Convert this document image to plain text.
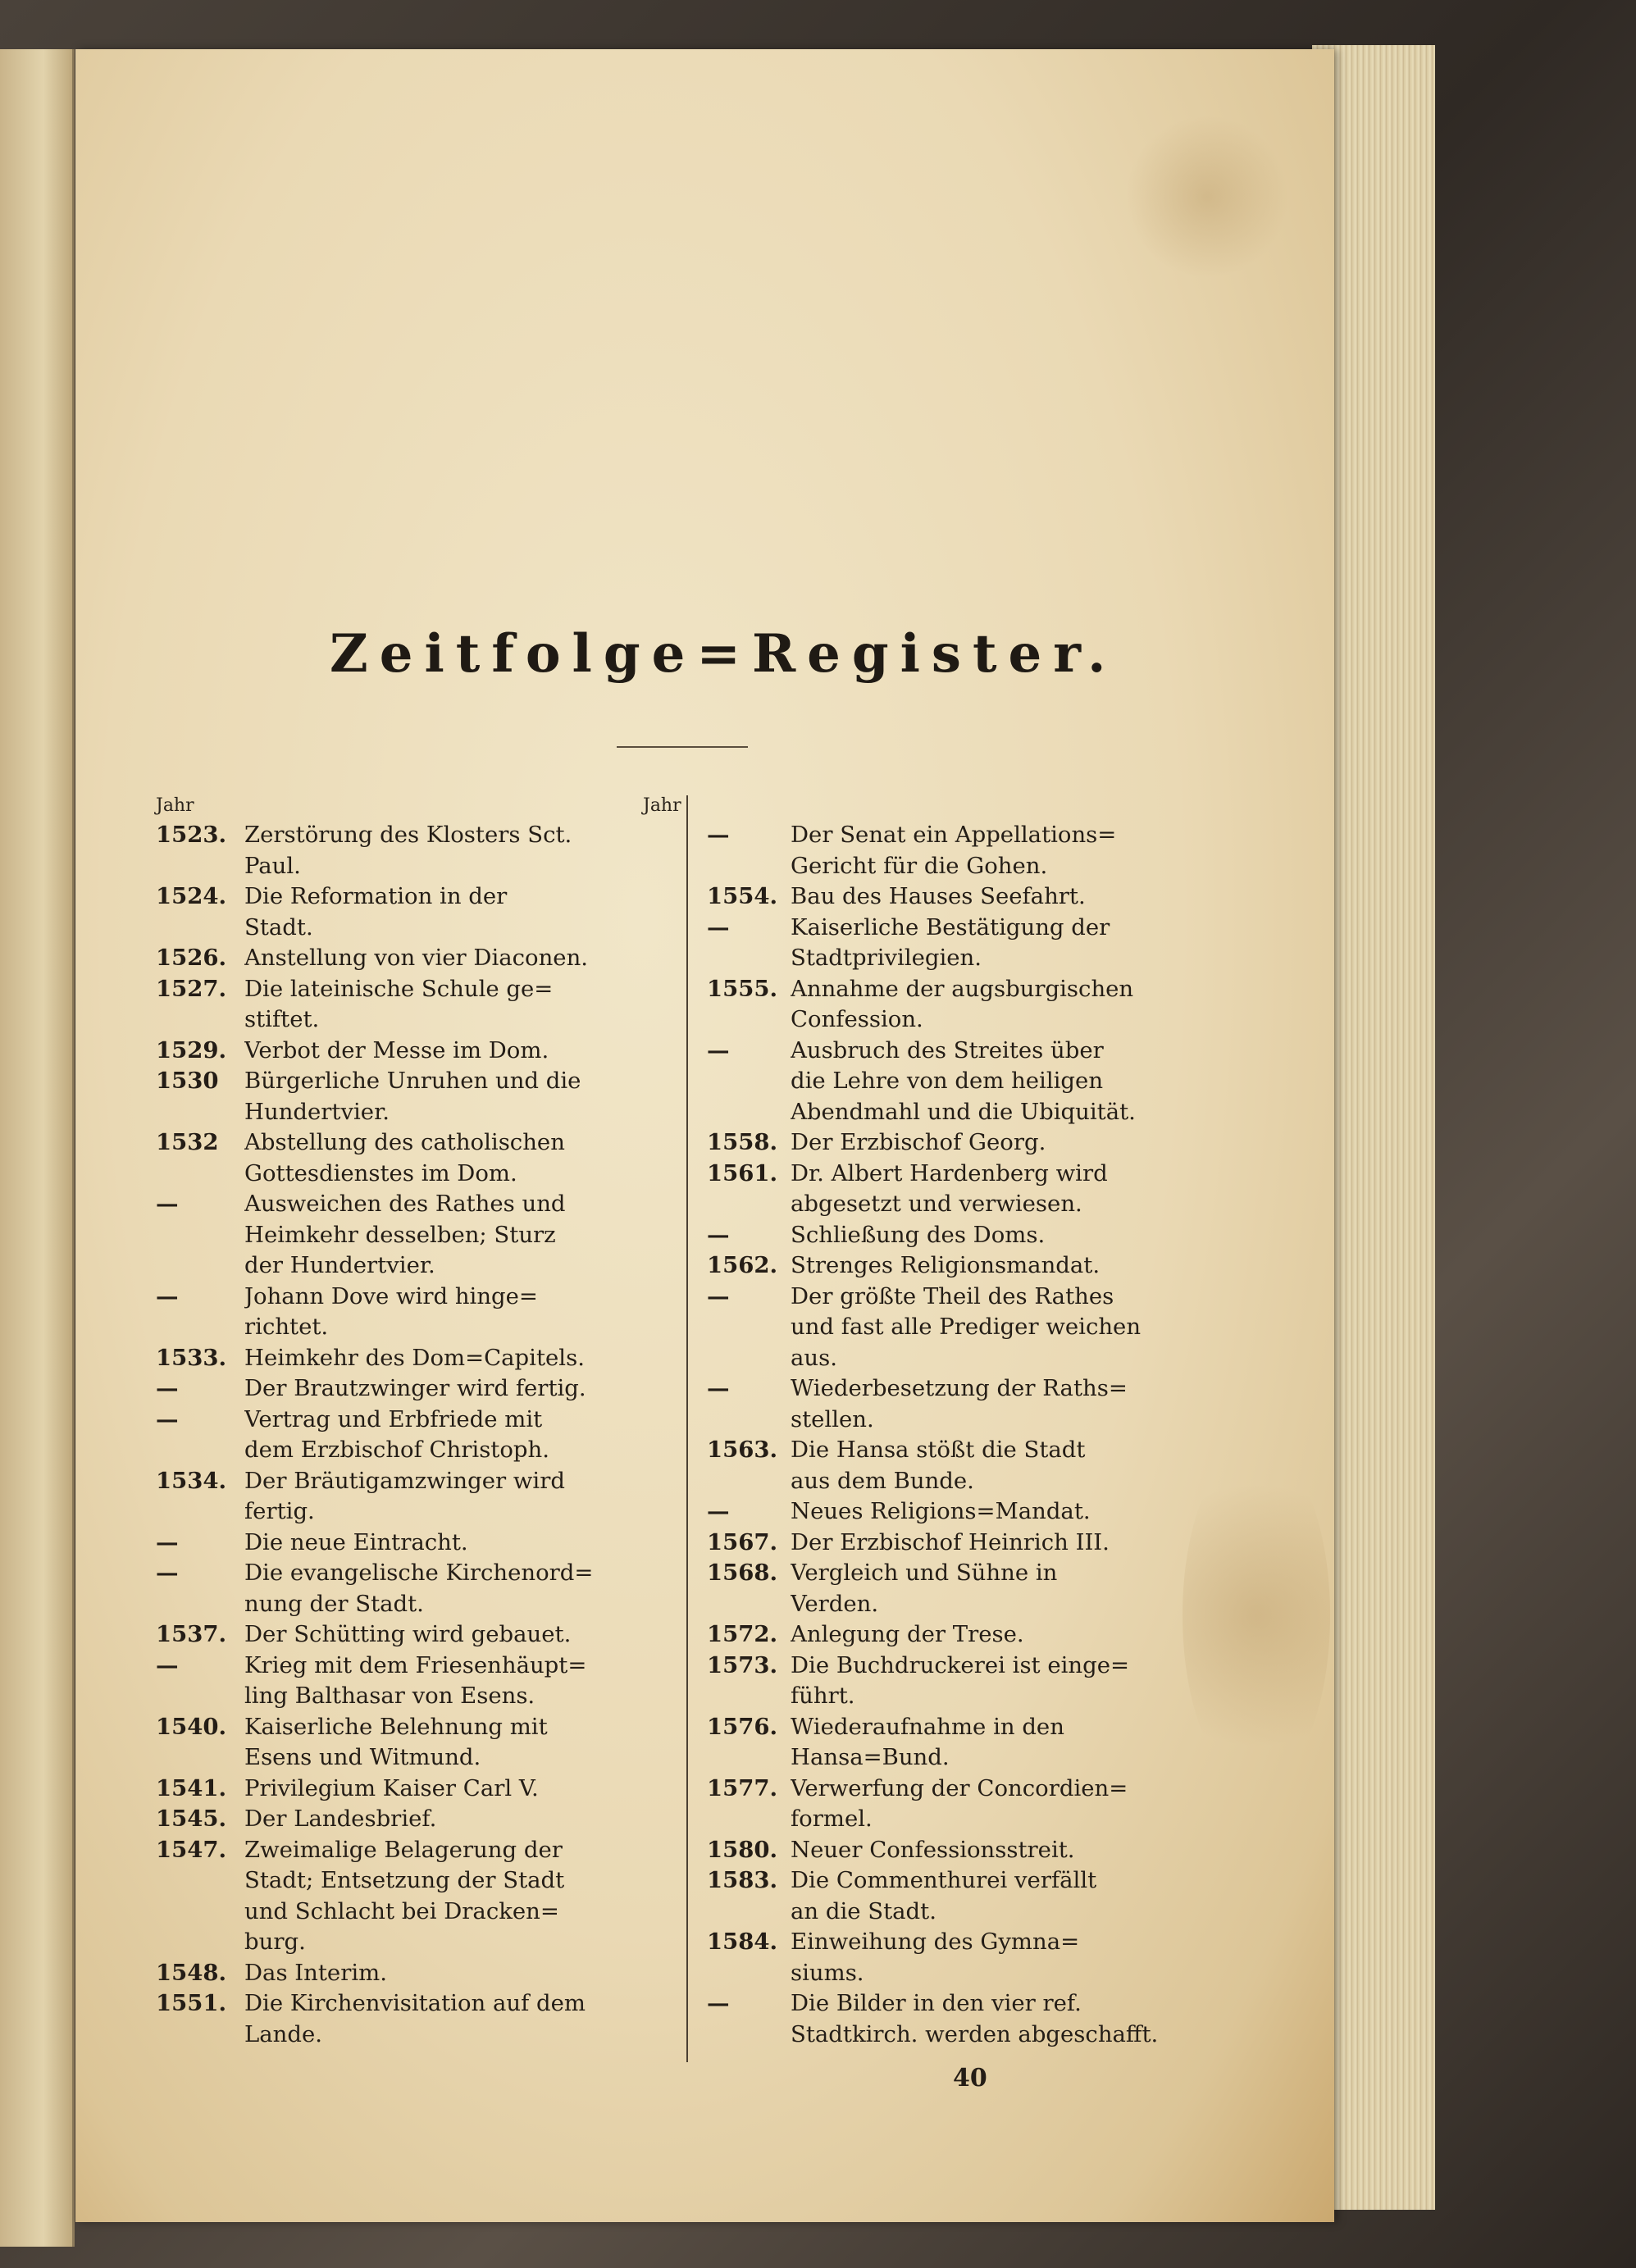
Zeitfolge=Register.
Jahr	Jahr
1523. Zerstörung des Klosters Sct.
Paul.
1524. Die Reformation in der
Stadt.
1526. Anstellung von vier Diaconen.
1527. Die lateinische Schule ge=
stiftet.
1529. Verbot der Messe im Dom.
1530	Bürgerliche Unruhen und die
Hundertvier.
1532	Abstellung des catholischen
Gottesdienstes im Dom.
—	Ausweichen des Rathes und
Heimkehr desselben; Sturz
der Hundertvier.
—	Johann Dove wird hinge=
richtet.
1533. Heimkehr des Dom=Capitels.
—	Der Brautzwinger wird fertig.
—	Vertrag und Erbfriede mit
dem Erzbischof Christoph.
1534. Der Bräutigamzwinger wird
fertig.
—	Die neue Eintracht.
—	Die evangelische Kirchenord=
nung der Stadt.
1537. Der Schütting wird gebauet.
—	Krieg mit dem Friesenhäupt=
ling Balthasar von Esens.
1540. Kaiserliche Belehnung mit
Esens und Witmund.
1541. Privilegium Kaiser Carl V.
1545. Der Landesbrief.
1547. Zweimalige Belagerung der
Stadt; Entsetzung der Stadt
und Schlacht bei Dracken=
burg.
1548. Das Interim.
1551. Die Kirchenvisitation auf dem
Lande.
—	Der Senat ein Appellations=
Gericht für die Gohen.
1554. Bau des Hauses Seefahrt.
—	Kaiserliche Bestätigung der
Stadtprivilegien.
1555. Annahme der augsburgischen
Confession.
—	Ausbruch des Streites über
die Lehre von dem heiligen
Abendmahl und die Ubiquität.
1558. Der Erzbischof Georg.
1561. Dr. Albert Hardenberg wird
abgesetzt und verwiesen.
—	Schließung des Doms.
1562. Strenges Religionsmandat.
—	Der größte Theil des Rathes
und fast alle Prediger weichen
aus.
—	Wiederbesetzung der Raths=
stellen.
1563. Die Hansa stößt die Stadt
aus dem Bunde.
—	Neues Religions=Mandat.
1567. Der Erzbischof Heinrich III.
1568. Vergleich und Sühne in
Verden.
1572. Anlegung der Trese.
1573. Die Buchdruckerei ist einge=
führt.
1576. Wiederaufnahme in den
Hansa=Bund.
1577. Verwerfung der Concordien=
formel.
1580. Neuer Confessionsstreit.
1583. Die Commenthurei verfällt
an die Stadt.
1584. Einweihung des Gymna=
siums.
—	Die Bilder in den vier ref.
Stadtkirch. werden abgeschafft.
40
